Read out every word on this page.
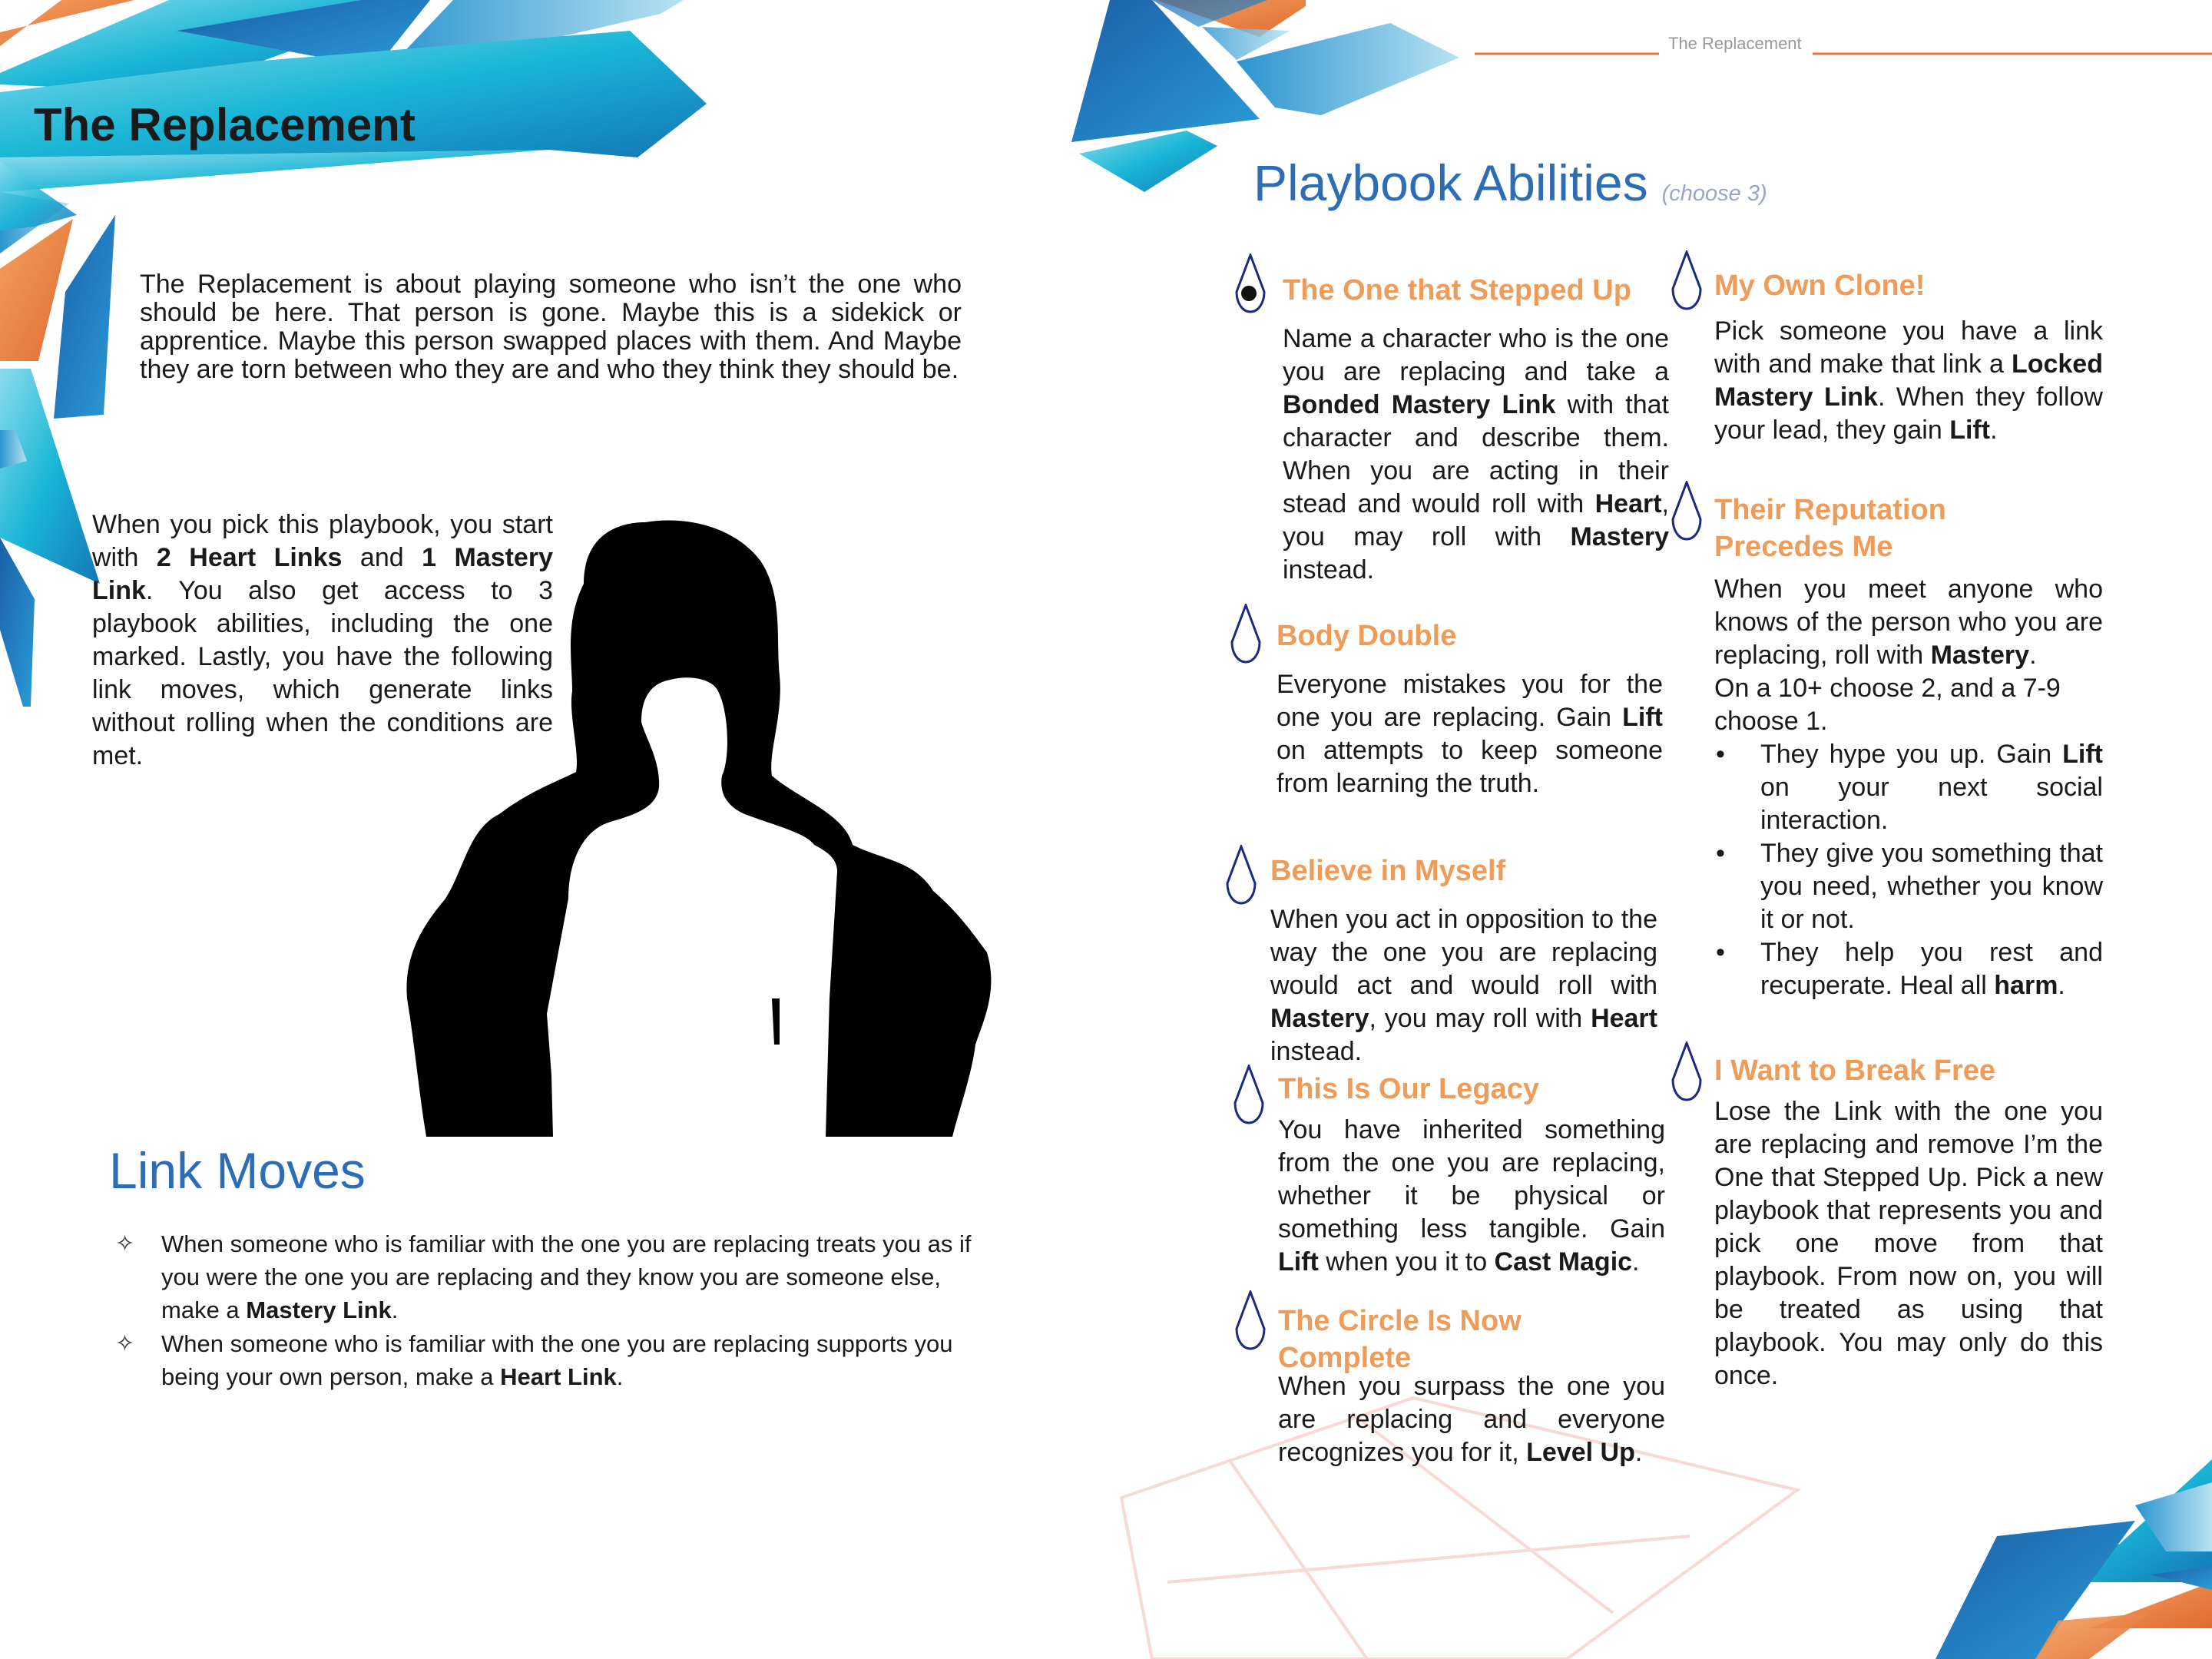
The Replacement

The Replacement is about playing someone who isn’t the one who should be here. That person is gone. Maybe this is a sidekick or apprentice. Maybe this person swapped places with them. And Maybe they are torn between who they are and who they think they should be.

When you pick this playbook, you start with 2 Heart Links and 1 Mastery Link. You also get access to 3 playbook abilities, including the one marked. Lastly, you have the following link moves, which generate links without rolling when the conditions are met.

Link Moves
✧ When someone who is familiar with the one you are replacing treats you as if you were the one you are replacing and they know you are someone else, make a Mastery Link.
✧ When someone who is familiar with the one you are replacing supports you being your own person, make a Heart Link.
The Replacement
Playbook Abilities (choose 3)
The One that Stepped Up
Name a character who is the one you are replacing and take a Bonded Mastery Link with that character and describe them. When you are acting in their stead and would roll with Heart, you may roll with Mastery instead.
Body Double
Everyone mistakes you for the one you are replacing. Gain Lift on attempts to keep someone from learning the truth.
Believe in Myself
When you act in opposition to the way the one you are replacing would act and would roll with Mastery, you may roll with Heart instead.
This Is Our Legacy
You have inherited something from the one you are replacing, whether it be physical or something less tangible. Gain Lift when you it to Cast Magic.
The Circle Is Now
Complete
When you surpass the one you are replacing and everyone recognizes you for it, Level Up.
My Own Clone!
Pick someone you have a link with and make that link a Locked Mastery Link. When they follow your lead, they gain Lift.
Their Reputation
Precedes Me
When you meet anyone who knows of the person who you are replacing, roll with Mastery.
On a 10+ choose 2, and a 7-9 choose 1.
• They hype you up. Gain Lift on your next social interaction.
• They give you something that you need, whether you know it or not.
• They help you rest and recuperate. Heal all harm.
I Want to Break Free
Lose the Link with the one you are replacing and remove I’m the One that Stepped Up. Pick a new playbook that represents you and pick one move from that playbook. From now on, you will be treated as using that playbook. You may only do this once.
